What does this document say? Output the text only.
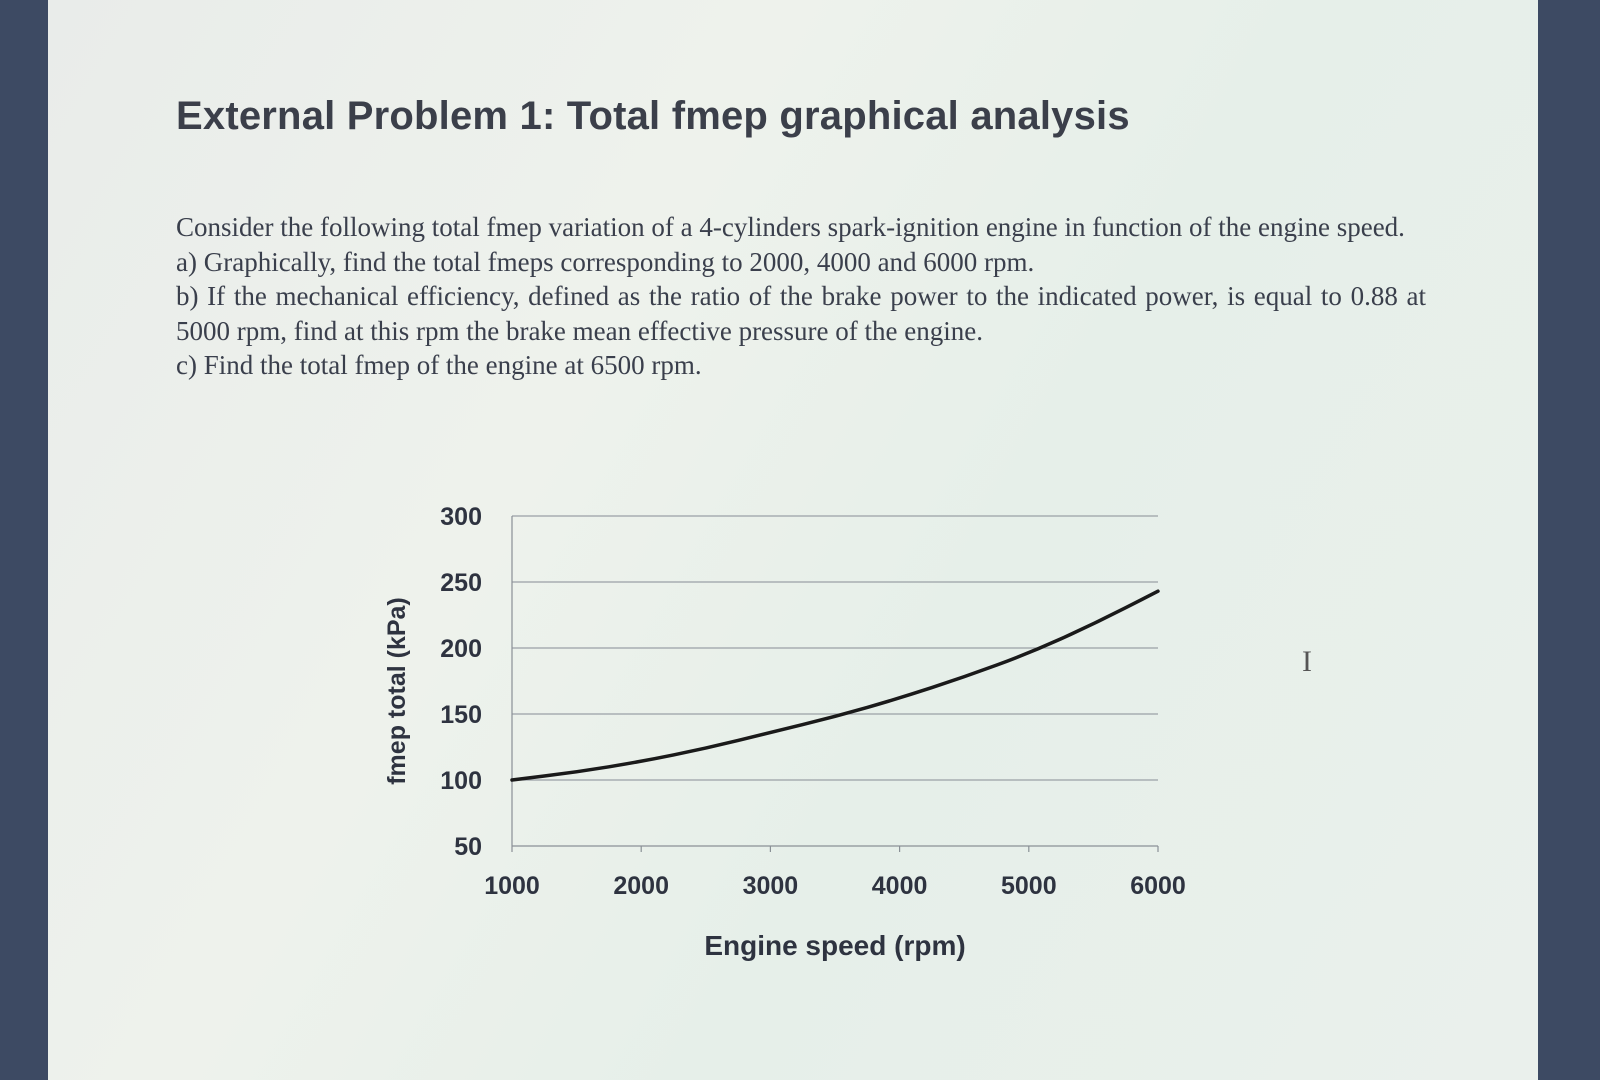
External Problem 1: Total fmep graphical analysis
Consider the following total fmep variation of a 4-cylinders spark-ignition engine in function of the engine speed.
a) Graphically, find the total fmeps corresponding to 2000, 4000 and 6000 rpm.
b) If the mechanical efficiency, defined as the ratio of the brake power to the indicated power, is equal to 0.88 at 5000 rpm, find at this rpm the brake mean effective pressure of the engine.
c) Find the total fmep of the engine at 6500 rpm.
I
50
100
150
200
250
300
1000	2000	3000	4000	5000	6000
Engine speed (rpm)
fmep total (kPa)
